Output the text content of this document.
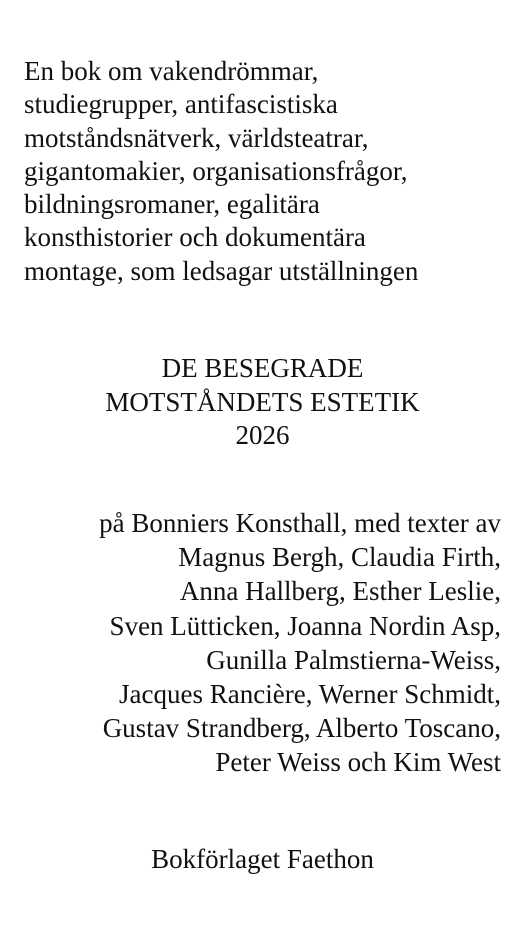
En bok om vakendrömmar,
studiegrupper, antifascistiska
motståndsnätverk, världsteatrar,
gigantomakier, organisationsfrågor,
bildningsromaner, egalitära
konsthistorier och dokumentära
montage, som ledsagar utställningen

DE BESEGRADE
MOTSTÅNDETS ESTETIK
2026

på Bonniers Konsthall, med texter av
Magnus Bergh, Claudia Firth,
Anna Hallberg, Esther Leslie,
Sven Lütticken, Joanna Nordin Asp,
Gunilla Palmstierna-Weiss,
Jacques Rancière, Werner Schmidt,
Gustav Strandberg, Alberto Toscano,
Peter Weiss och Kim West

Bokförlaget Faethon
